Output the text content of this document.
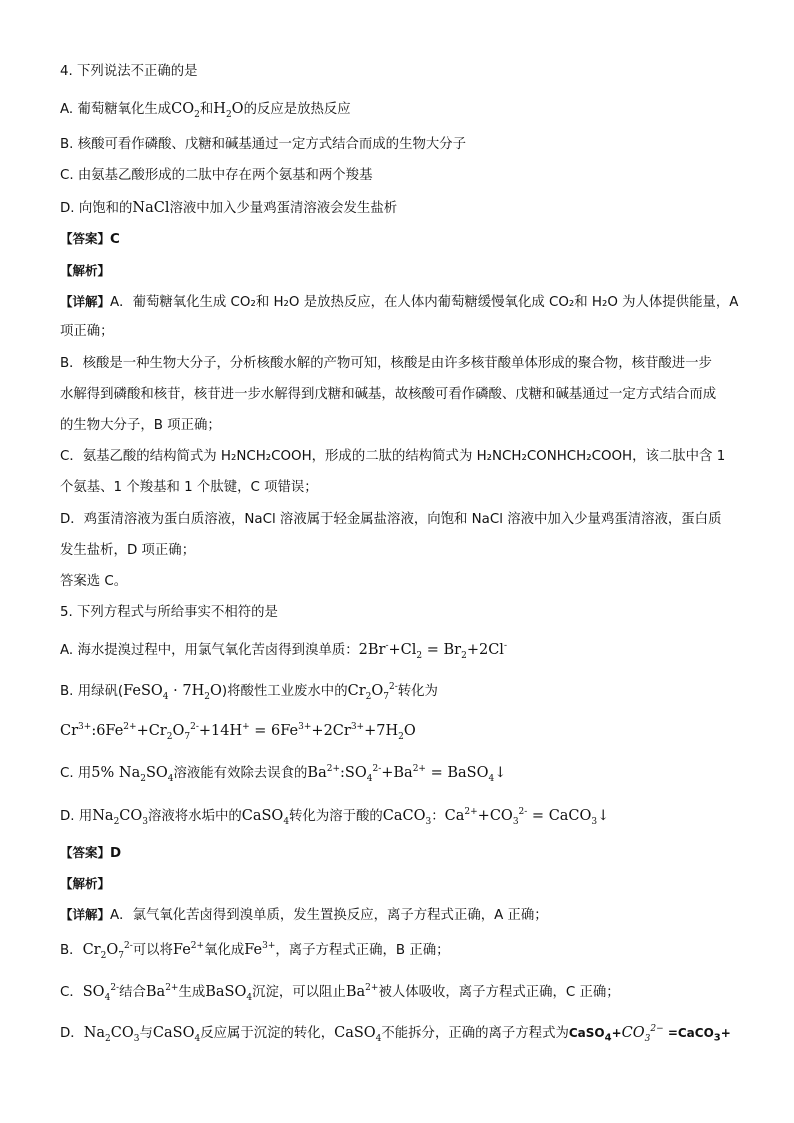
4. 下列说法不正确的是
A. 葡萄糖氧化生成$CO_2$和$H_2O$的反应是放热反应
B. 核酸可看作磷酸、戊糖和碱基通过一定方式结合而成的生物大分子
C. 由氨基乙酸形成的二肽中存在两个氨基和两个羧基
D. 向饱和的NaCl溶液中加入少量鸡蛋清溶液会发生盐析
【答案】C
【解析】
【详解】A．葡萄糖氧化生成 CO₂和 H₂O 是放热反应，在人体内葡萄糖缓慢氧化成 CO₂和 H₂O 为人体提供能量，A
项正确；
B．核酸是一种生物大分子，分析核酸水解的产物可知，核酸是由许多核苷酸单体形成的聚合物，核苷酸进一步
水解得到磷酸和核苷，核苷进一步水解得到戊糖和碱基，故核酸可看作磷酸、戊糖和碱基通过一定方式结合而成
的生物大分子，B 项正确；
C．氨基乙酸的结构简式为 H₂NCH₂COOH，形成的二肽的结构简式为 H₂NCH₂CONHCH₂COOH，该二肽中含 1
个氨基、1 个羧基和 1 个肽键，C 项错误；
D．鸡蛋清溶液为蛋白质溶液，NaCl 溶液属于轻金属盐溶液，向饱和 NaCl 溶液中加入少量鸡蛋清溶液，蛋白质
发生盐析，D 项正确；
答案选 C。
5. 下列方程式与所给事实不相符的是
A. 海水提溴过程中，用氯气氧化苦卤得到溴单质：$2Br^-+Cl_2 = Br_2+2Cl^-$
B. 用绿矾(FeSO$_4$ · $7H_2O$)将酸性工业废水中的$Cr_2O_7^{2-}$转化为
$Cr^{3+}:6Fe^{2+}+Cr_2O_7^{2-}+14H^+ = 6Fe^{3+}+2Cr^{3+}+7H_2O$
C. 用5% $Na_2SO_4$溶液能有效除去误食的$Ba^{2+}:SO_4^{2-}+Ba^{2+}$ = BaSO$_4$↓
D. 用$Na_2CO_3$溶液将水垢中的CaSO$_4$转化为溶于酸的CaCO$_3$：$Ca^{2+}+CO_3^{2-}$ = CaCO$_3$↓
【答案】D
【解析】
【详解】A．氯气氧化苦卤得到溴单质，发生置换反应，离子方程式正确，A 正确；
B．$Cr_2O_7^{2-}$可以将$Fe^{2+}$氧化成$Fe^{3+}$，离子方程式正确，B 正确；
C．$SO_4^{2-}$结合$Ba^{2+}$生成BaSO$_4$沉淀，可以阻止$Ba^{2+}$被人体吸收，离子方程式正确，C 正确；
D．$Na_2CO_3$与CaSO$_4$反应属于沉淀的转化，CaSO$_4$不能拆分，正确的离子方程式为$CaSO_4+CO_3^{2-}$ =CaCO$_3$+
